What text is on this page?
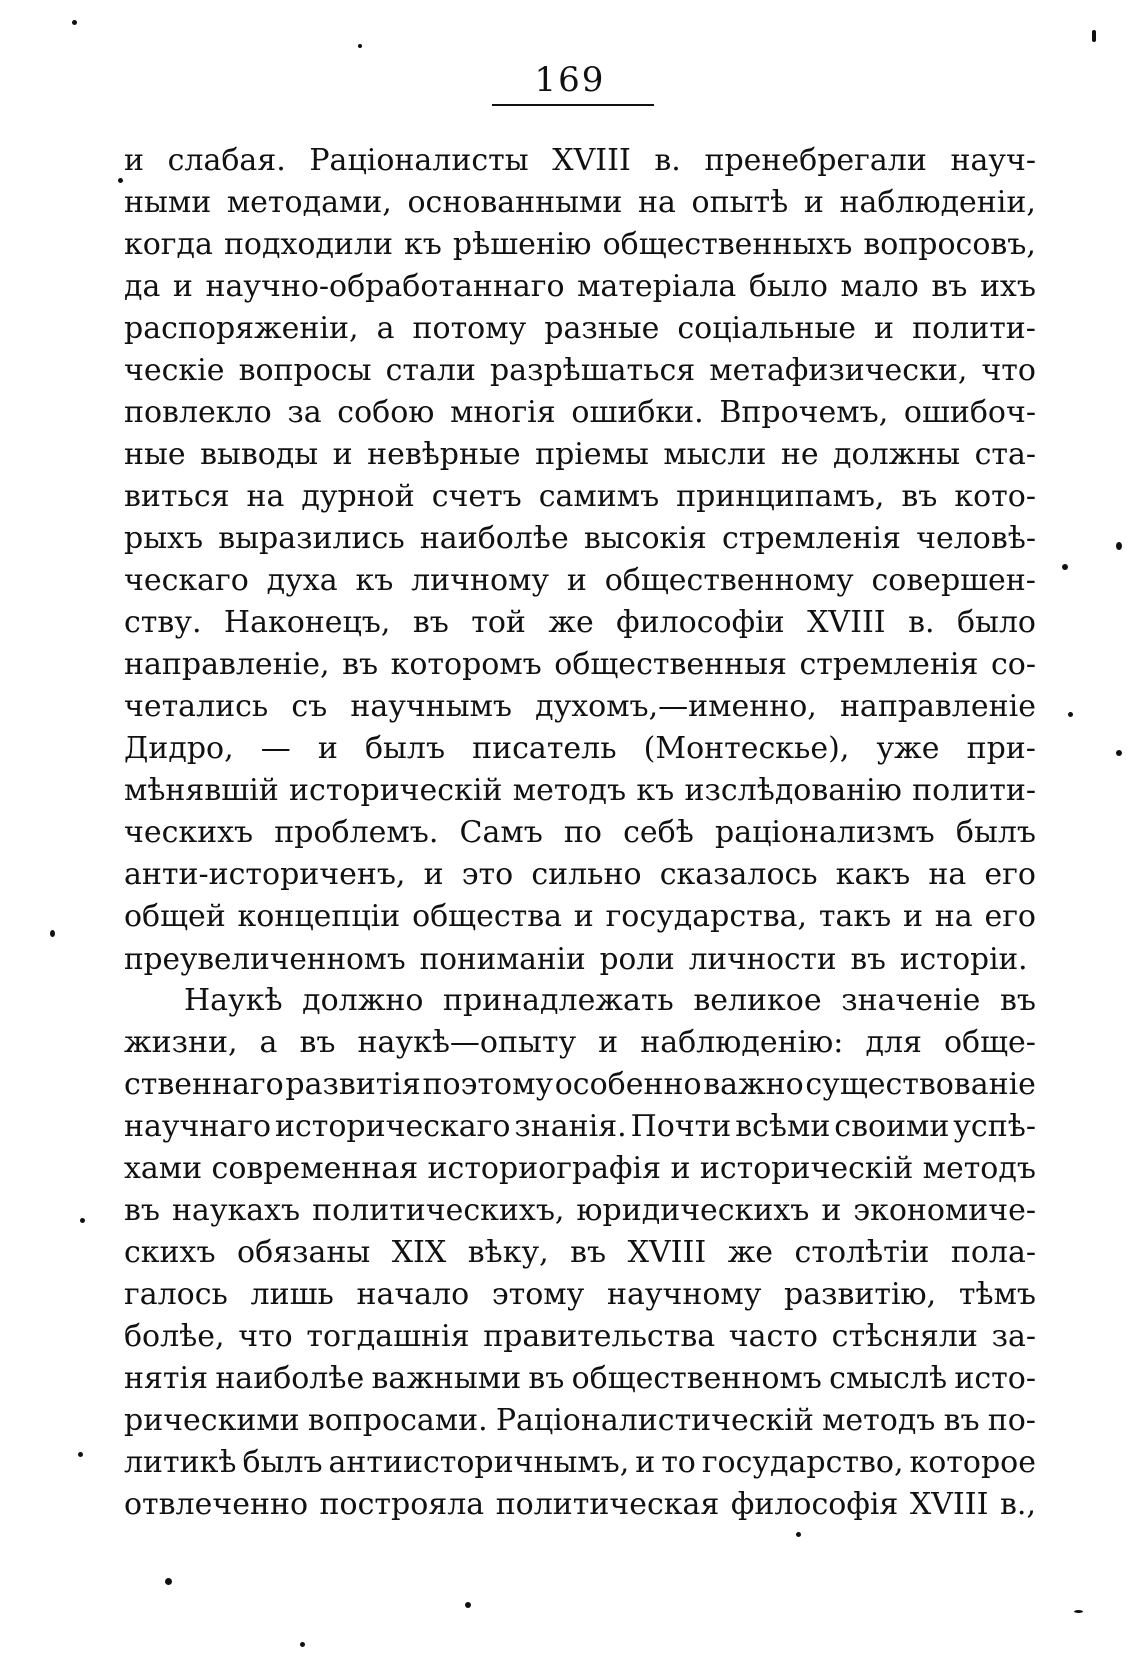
169
и слабая. Раціоналисты XVIII в. пренебрегали науч-
ными методами, основанными на опытѣ и наблюденіи,
когда подходили къ рѣшенію общественныхъ вопросовъ,
да и научно-обработаннаго матеріала было мало въ ихъ
распоряженіи, а потому разные соціальные и полити-
ческіе вопросы стали разрѣшаться метафизически, что
повлекло за собою многія ошибки. Впрочемъ, ошибоч-
ные выводы и невѣрные пріемы мысли не должны ста-
виться на дурной счетъ самимъ принципамъ, въ кото-
рыхъ выразились наиболѣе высокія стремленія человѣ-
ческаго духа къ личному и общественному совершен-
ству. Наконецъ, въ той же философіи XVIII в. было
направленіе, въ которомъ общественныя стремленія со-
четались съ научнымъ духомъ,—именно, направленіе
Дидро, — и былъ писатель (Монтескье), уже при-
мѣнявшій историческій методъ къ изслѣдованію полити-
ческихъ проблемъ. Самъ по себѣ раціонализмъ былъ
анти-историченъ, и это сильно сказалось какъ на его
общей концепціи общества и государства, такъ и на его
преувеличенномъ пониманіи роли личности въ исторіи.
Наукѣ должно принадлежать великое значеніе въ
жизни, а въ наукѣ—опыту и наблюденію: для обще-
ственнаго развитія поэтому особенно важно существованіе
научнаго историческаго знанія. Почти всѣми своими успѣ-
хами современная историографія и историческій методъ
въ наукахъ политическихъ, юридическихъ и экономиче-
скихъ обязаны XIX вѣку, въ XVIII же столѣтіи пола-
галось лишь начало этому научному развитію, тѣмъ
болѣе, что тогдашнія правительства часто стѣсняли за-
нятія наиболѣе важными въ общественномъ смыслѣ исто-
рическими вопросами. Раціоналистическій методъ въ по-
литикѣ былъ антиисторичнымъ, и то государство, которое
отвлеченно построяла политическая философія XVIII в.,
